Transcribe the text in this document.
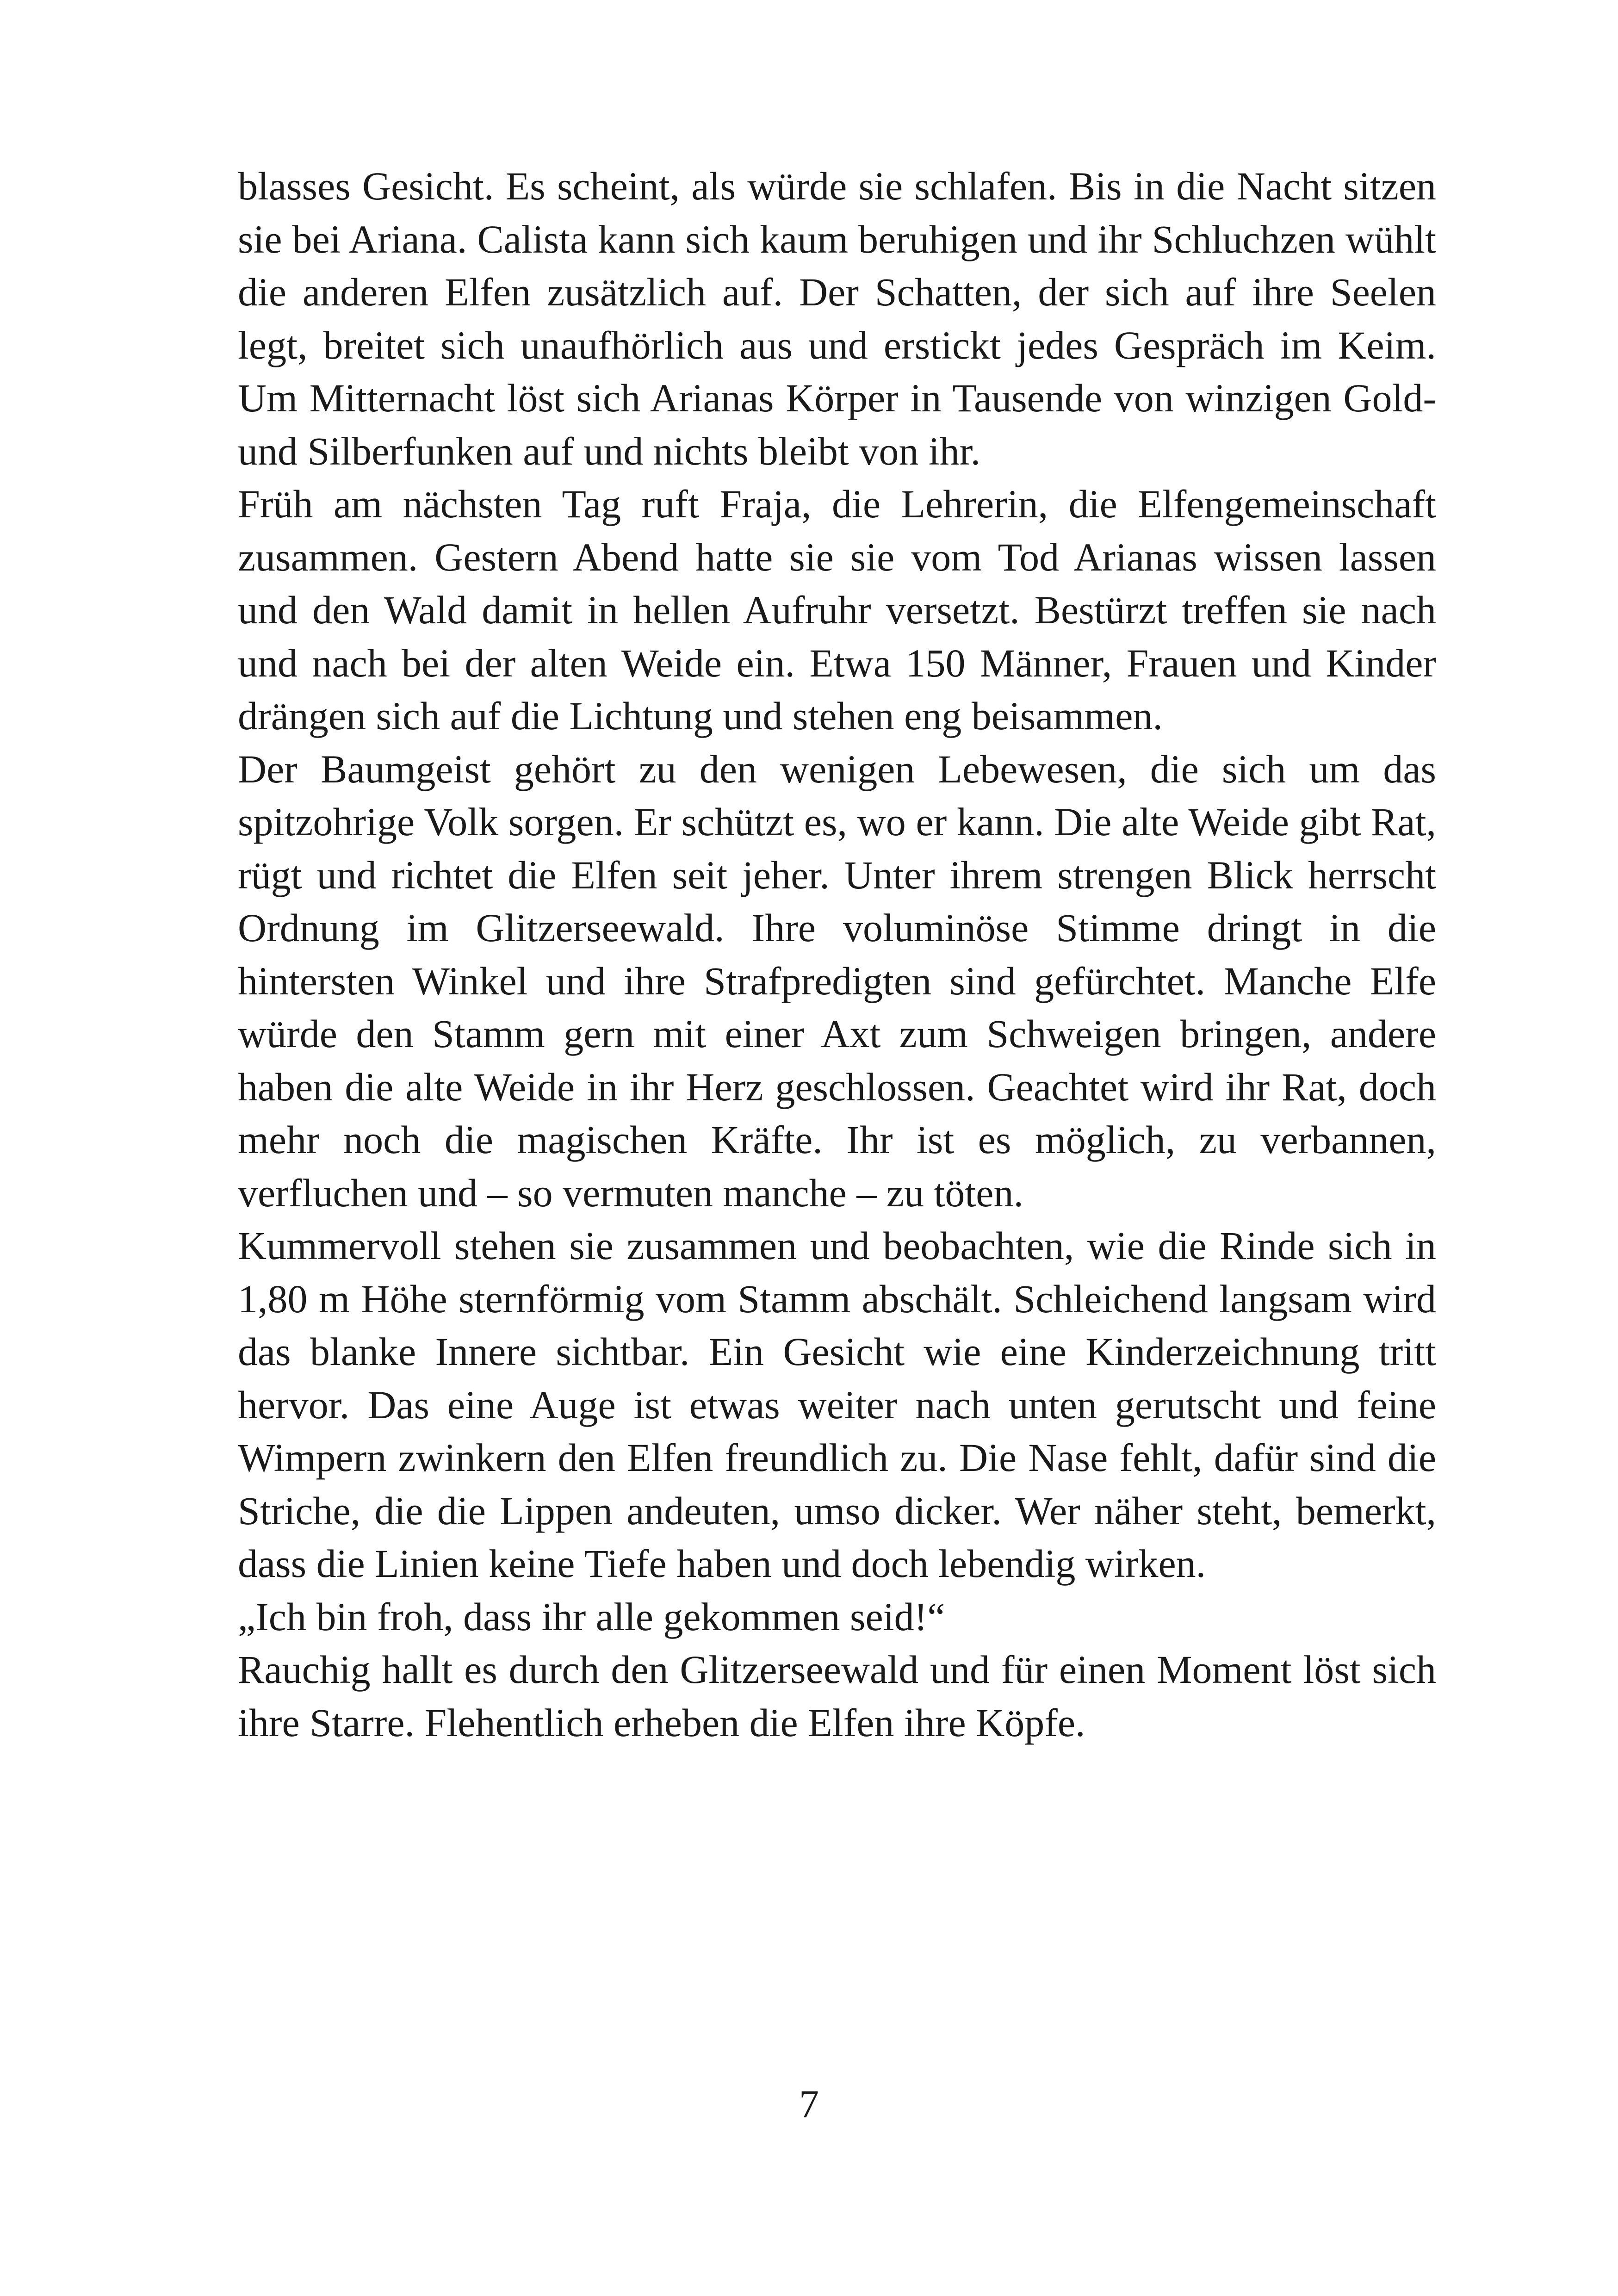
blasses Gesicht. Es scheint, als würde sie schlafen. Bis in die Nacht sitzen sie bei Ariana. Calista kann sich kaum beruhigen und ihr Schluchzen wühlt die anderen Elfen zusätzlich auf. Der Schatten, der sich auf ihre Seelen legt, breitet sich unaufhörlich aus und erstickt jedes Gespräch im Keim. Um Mitternacht löst sich Arianas Körper in Tausende von winzigen Gold- und Silberfunken auf und nichts bleibt von ihr.

Früh am nächsten Tag ruft Fraja, die Lehrerin, die Elfengemeinschaft zusammen. Gestern Abend hatte sie sie vom Tod Arianas wissen lassen und den Wald damit in hellen Aufruhr versetzt. Bestürzt treffen sie nach und nach bei der alten Weide ein. Etwa 150 Männer, Frauen und Kinder drängen sich auf die Lichtung und stehen eng beisammen.

Der Baumgeist gehört zu den wenigen Lebewesen, die sich um das spitzohrige Volk sorgen. Er schützt es, wo er kann. Die alte Weide gibt Rat, rügt und richtet die Elfen seit jeher. Unter ihrem strengen Blick herrscht Ordnung im Glitzerseewald. Ihre voluminöse Stimme dringt in die hintersten Winkel und ihre Strafpredigten sind gefürchtet. Manche Elfe würde den Stamm gern mit einer Axt zum Schweigen bringen, andere haben die alte Weide in ihr Herz geschlossen. Geachtet wird ihr Rat, doch mehr noch die magischen Kräfte. Ihr ist es möglich, zu verbannen, verfluchen und – so vermuten manche – zu töten.

Kummervoll stehen sie zusammen und beobachten, wie die Rinde sich in 1,80 m Höhe sternförmig vom Stamm abschält. Schleichend langsam wird das blanke Innere sichtbar. Ein Gesicht wie eine Kinderzeichnung tritt hervor. Das eine Auge ist etwas weiter nach unten gerutscht und feine Wimpern zwinkern den Elfen freundlich zu. Die Nase fehlt, dafür sind die Striche, die die Lippen andeuten, umso dicker. Wer näher steht, bemerkt, dass die Linien keine Tiefe haben und doch lebendig wirken.

„Ich bin froh, dass ihr alle gekommen seid!“

Rauchig hallt es durch den Glitzerseewald und für einen Moment löst sich ihre Starre. Flehentlich erheben die Elfen ihre Köpfe.

7
